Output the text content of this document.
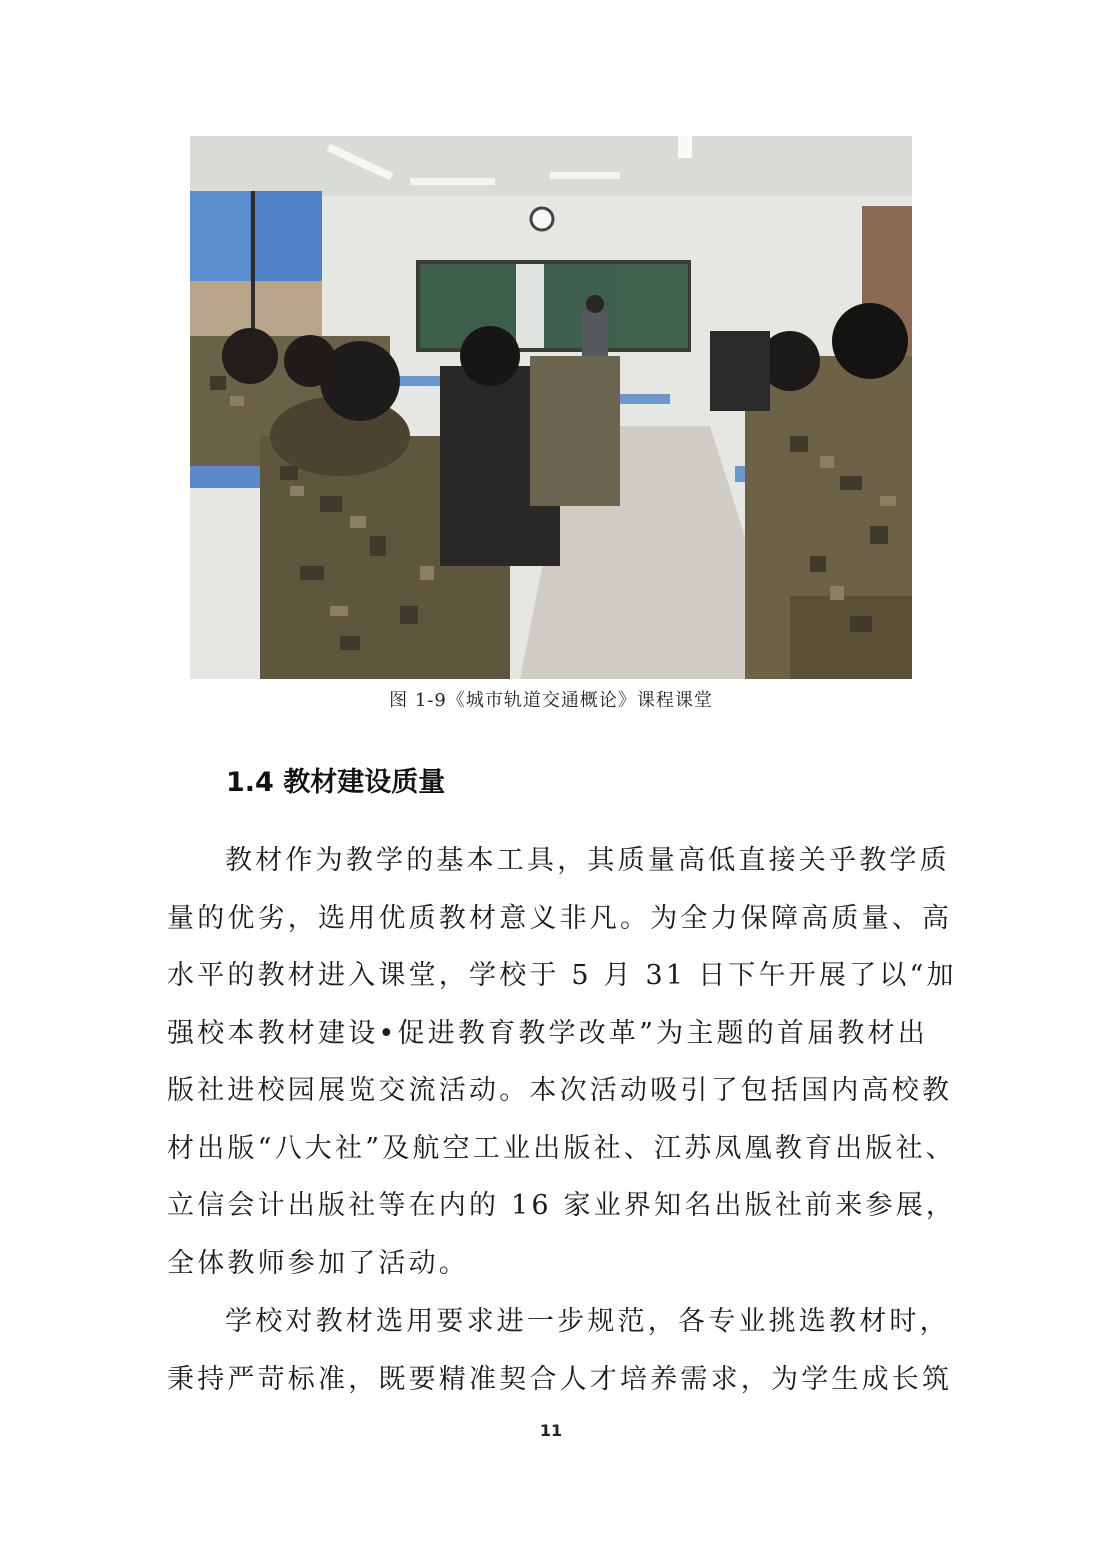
图 1-9《城市轨道交通概论》课程课堂
1.4 教材建设质量
教材作为教学的基本工具，其质量高低直接关乎教学质
量的优劣，选用优质教材意义非凡。为全力保障高质量、高
水平的教材进入课堂，学校于 5 月 31 日下午开展了以“加
强校本教材建设•促进教育教学改革”为主题的首届教材出
版社进校园展览交流活动。本次活动吸引了包括国内高校教
材出版“八大社”及航空工业出版社、江苏凤凰教育出版社、
立信会计出版社等在内的 16 家业界知名出版社前来参展，
全体教师参加了活动。
学校对教材选用要求进一步规范，各专业挑选教材时，
秉持严苛标准，既要精准契合人才培养需求，为学生成长筑
11
